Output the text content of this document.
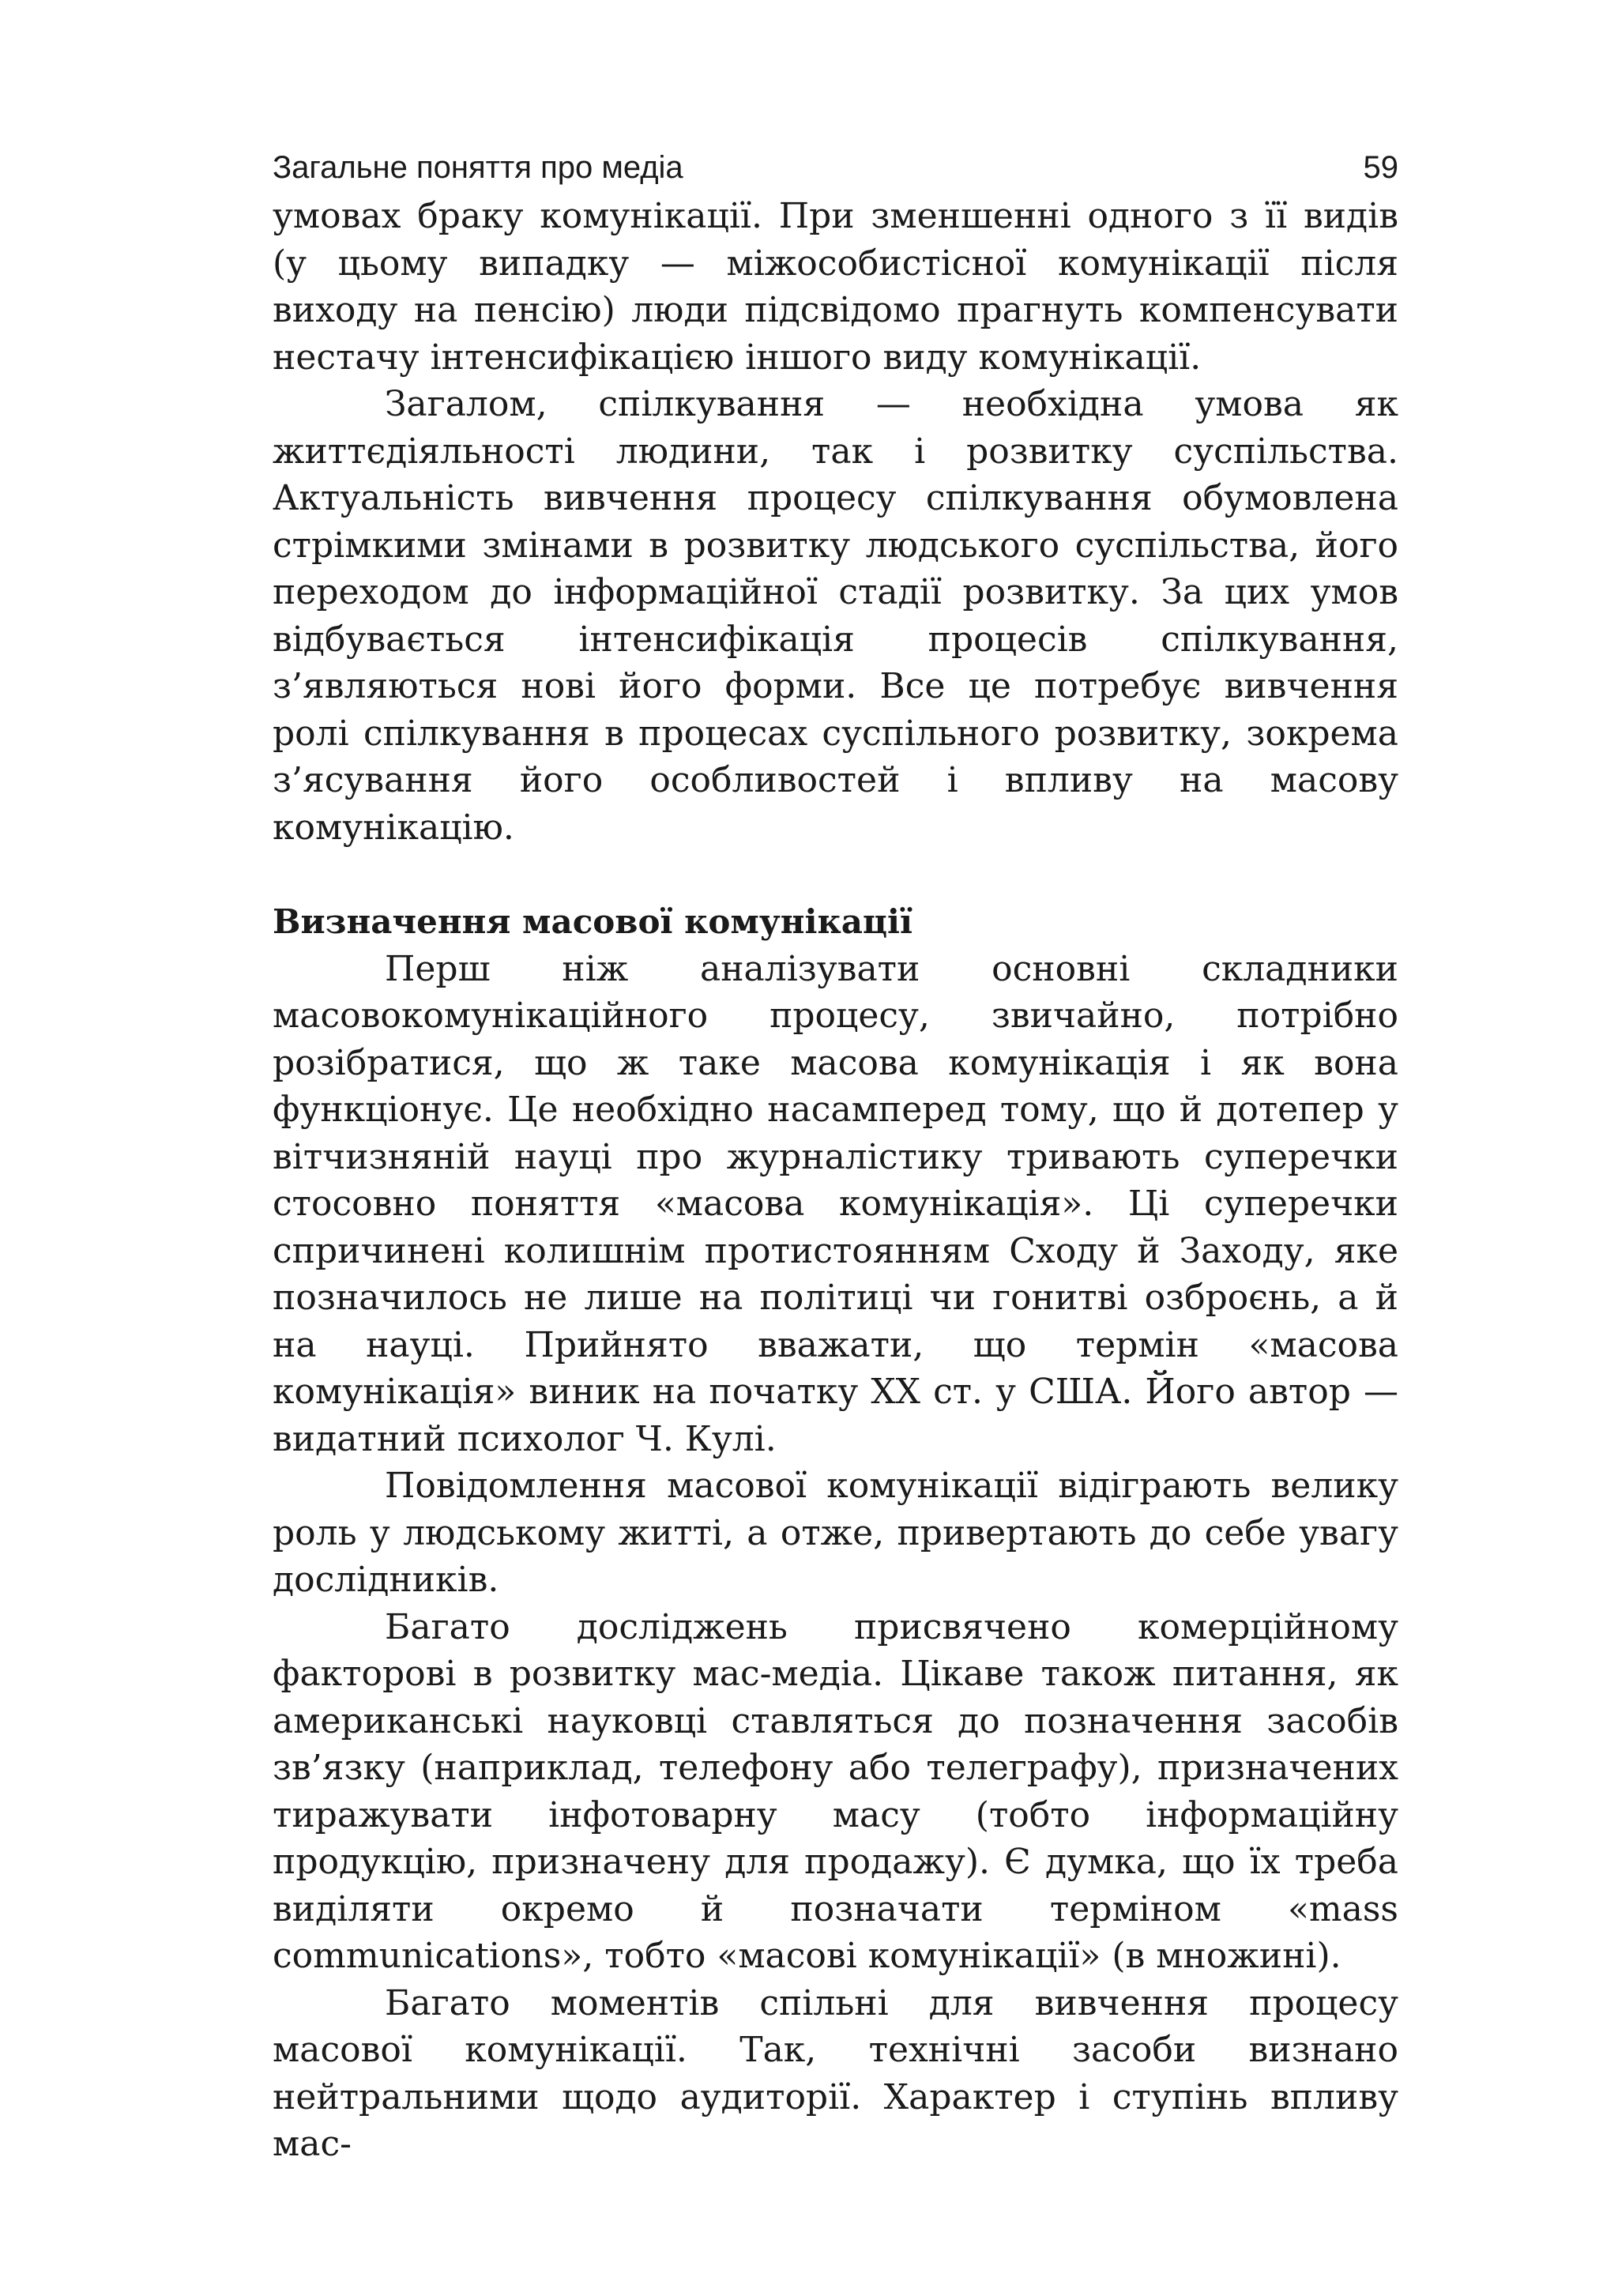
Загальне поняття про медіа	59

умовах браку комунікації. При зменшенні одного з її видів (у цьому випадку — міжособистісної комунікації після виходу на пенсію) люди підсвідомо прагнуть компенсувати нестачу інтенсифікацією іншого виду комунікації.

Загалом, спілкування — необхідна умова як життєдіяльності людини, так і розвитку суспільства. Актуальність вивчення процесу спілкування обумовлена стрімкими змінами в розвитку людського суспільства, його переходом до інформаційної стадії розвитку. За цих умов відбувається інтенсифікація процесів спілкування, з’являються нові його форми. Все це потребує вивчення ролі спілкування в процесах суспільного розвитку, зокрема з’ясування його особливостей і впливу на масову комунікацію.

Визначення масової комунікації

Перш ніж аналізувати основні складники масовокомунікаційного процесу, звичайно, потрібно розібратися, що ж таке масова комунікація і як вона функціонує. Це необхідно насамперед тому, що й дотепер у вітчизняній науці про журналістику тривають суперечки стосовно поняття «масова комунікація». Ці суперечки спричинені колишнім протистоянням Сходу й Заходу, яке позначилось не лише на політиці чи гонитві озброєнь, а й на науці. Прийнято вважати, що термін «масова комунікація» виник на початку XX ст. у США. Його автор — видатний психолог Ч. Кулі.

Повідомлення масової комунікації відіграють велику роль у людському житті, а отже, привертають до себе увагу дослідників.

Багато досліджень присвячено комерційному факторові в розвитку мас-медіа. Цікаве також питання, як американські науковці ставляться до позначення засобів зв’язку (наприклад, телефону або телеграфу), призначених тиражувати інфотоварну масу (тобто інформаційну продукцію, призначену для продажу). Є думка, що їх треба виділяти окремо й позначати терміном «mass communications», тобто «масові комунікації» (в множині).

Багато моментів спільні для вивчення процесу масової комунікації. Так, технічні засоби визнано нейтральними щодо аудиторії. Характер і ступінь впливу мас-
